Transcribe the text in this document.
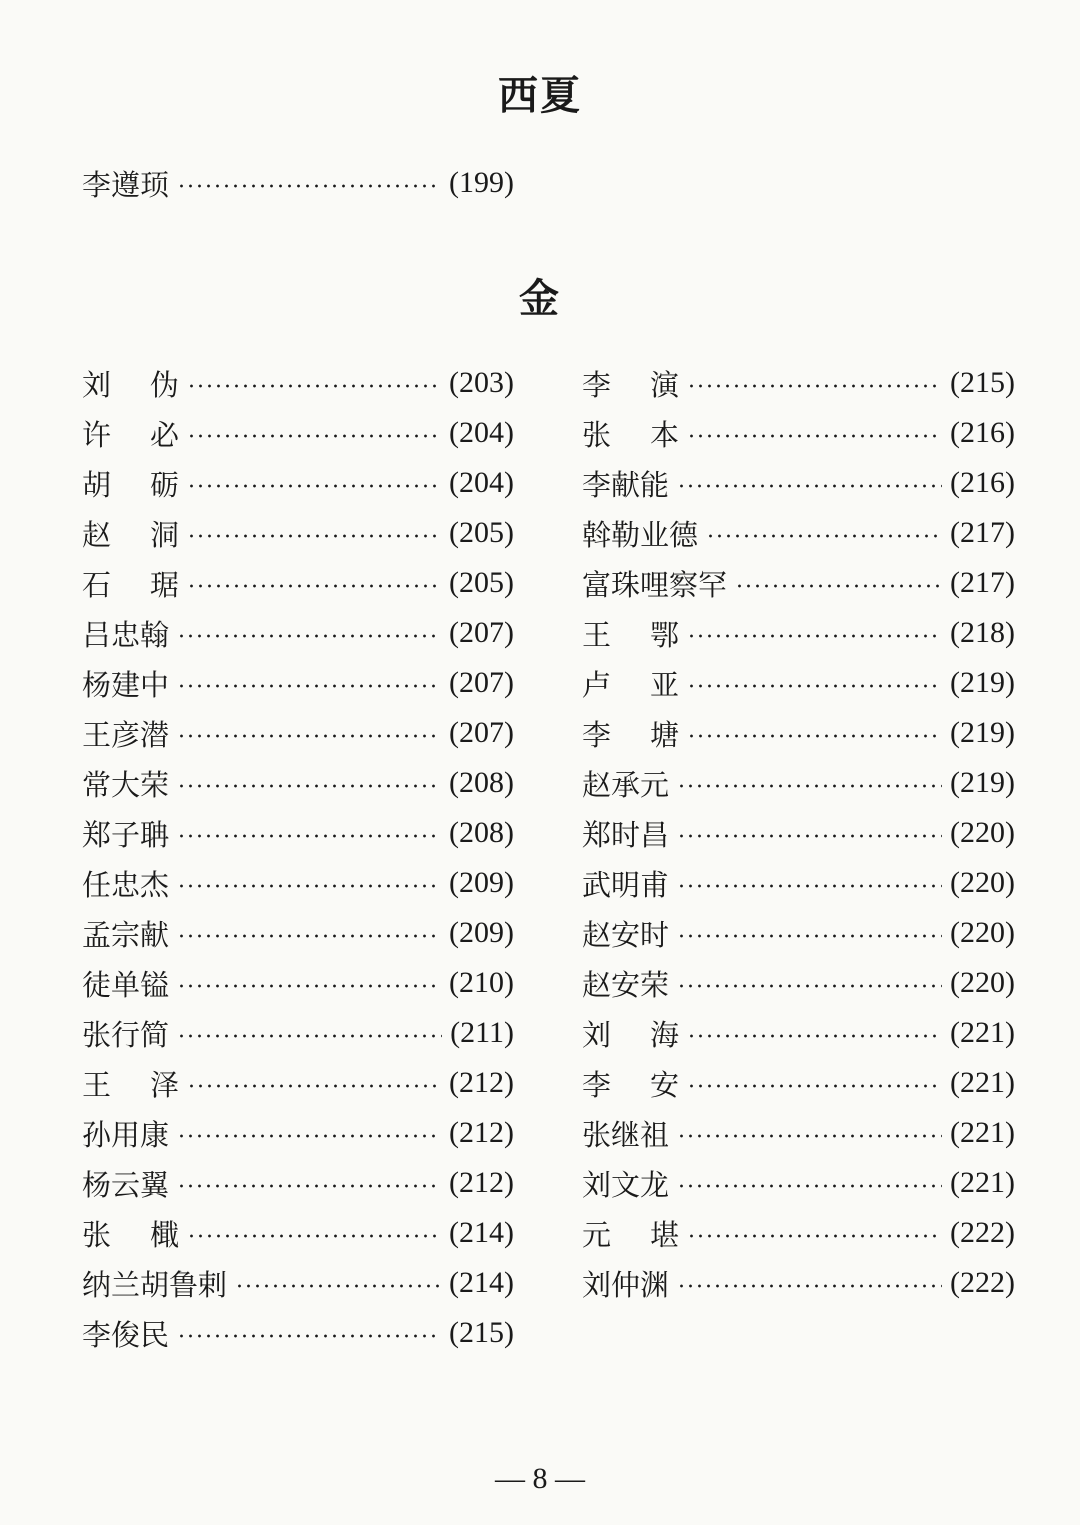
西夏
李遵顼	(199)
金
刘 伪	(203)
许 必	(204)
胡 砺	(204)
赵 洞	(205)
石 琚	(205)
吕忠翰	(207)
杨建中	(207)
王彦潜	(207)
常大荣	(208)
郑子聃	(208)
任忠杰	(209)
孟宗献	(209)
徒单镒	(210)
张行简	(211)
王 泽	(212)
孙用康	(212)
杨云翼	(212)
张 檝	(214)
纳兰胡鲁剌	(214)
李俊民	(215)
李 演	(215)
张 本	(216)
李献能	(216)
斡勒业德	(217)
富珠哩察罕	(217)
王 鄂	(218)
卢 亚	(219)
李 塘	(219)
赵承元	(219)
郑时昌	(220)
武明甫	(220)
赵安时	(220)
赵安荣	(220)
刘 海	(221)
李 安	(221)
张继祖	(221)
刘文龙	(221)
元 堪	(222)
刘仲渊	(222)
— 8 —
